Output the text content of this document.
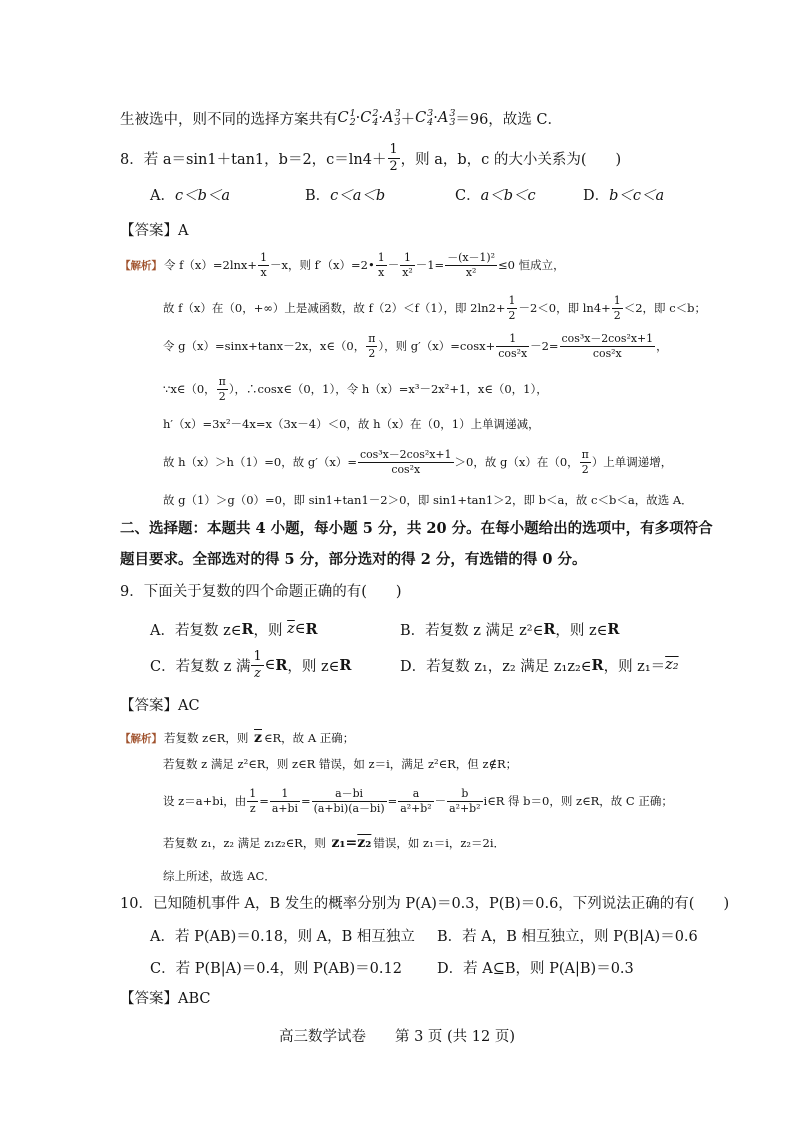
生被选中，则不同的选择方案共有 C 1
2 · C 2
4 · A 3
3 ＋ C 3
4 · A 3
3 ＝96，故选 C．
8．若 a＝sin1＋tan1，b＝2，$c=\ln 4+ \frac{1}{2}$ ，则 a，b，c 的大小关系为(　　)
A． c＜b＜a	B． c＜a＜b	C． a＜b＜c	D． b＜c＜a
【答案】A
【解析】 令 $f(x)=2\ln x+ \frac{1}{x} -x$，则 f′（x）=2• $\frac{1}{x} - \frac{1}{\text{x²}} -1= \frac{\text{－(x－1)²}}{\text{x²}} \le 0$ 恒成立，
故 f（x）在（0，+∞）上是减函数，故 f（2）＜f（1），即 $2\ln 2+ \frac{1}{2} -2<0$，即 $\ln 4+ \frac{1}{2} <2$，即 c＜b；
令 g（x）=sinx+tanx－2x，x∈（0， $\frac{\pi}{2}$ ），则 $g'(x)=\cos x+ \frac{1}{\text{cos²x}} -2= \frac{\text{cos³x－2cos²x+1}}{\text{cos²x}}$ ，
∵x∈（0， $\frac{\pi}{2}$ ），∴cosx∈（0，1），令 h（x）=x³－2x²+1，x∈（0，1），
h′（x）=3x²－4x=x（3x－4）＜0，故 h（x）在（0，1）上单调递减，
故 h（x）＞h（1）=0，故 $g'(x)= \frac{\text{cos³x－2cos²x+1}}{\text{cos²x}} >0$，故 g（x）在（0， $\frac{\pi}{2}$ ）上单调递增，
故 g（1）＞g（0）=0，即 sin1+tan1－2＞0，即 sin1+tan1＞2，即 b＜a，故 c＜b＜a，故选 A．
二、选择题：本题共 4 小题，每小题 5 分，共 20 分。在每小题给出的选项中，有多项符合
题目要求。全部选对的得 5 分，部分选对的得 2 分，有选错的得 0 分。
9．下面关于复数的四个命题正确的有(　　)
A． 若复数 z∈ R ，则 $\overline{z}$ ∈ R	B． 若复数 z 满足 z²∈ R ，则 z∈ R
C． 若复数 z 满 $\frac{1}{z}$ ∈ R ，则 z∈ R	D． 若复数 z₁，z₂ 满足 z₁z₂∈ R ，则 z₁＝ z₂
【答案】AC
【解析】 若复数 z∈R，则 $\overline{z}$ ∈R，故 A 正确；
若复数 z 满足 z²∈R，则 z∈R 错误，如 z＝i，满足 z²∈R，但 z∉R；
设 z＝a+bi，由 $\frac{1}{z} = \frac{1}{a+bi} = \frac{a-bi}{(a+bi)(a-bi)} = \frac{a}{\text{a²+b²}} - \frac{b}{\text{a²+b²}}$ i∈R 得 b＝0，则 z∈R，故 C 正确；
若复数 z₁，z₂ 满足 z₁z₂∈R，则 z₁=z₂ 错误，如 z₁＝i，z₂＝2i．
综上所述，故选 AC．
10．已知随机事件 A，B 发生的概率分别为 P(A)＝0.3，P(B)＝0.6，下列说法正确的有(　　)
A．若 P(AB)＝0.18，则 A，B 相互独立 B．若 A，B 相互独立，则 P(B|A)＝0.6
C．若 P(B|A)＝0.4，则 P(AB)＝0.12 D．若 A⊆B，则 P(A|B)＝0.3
【答案】ABC
高三数学试卷　　第 3 页 (共 12 页)
